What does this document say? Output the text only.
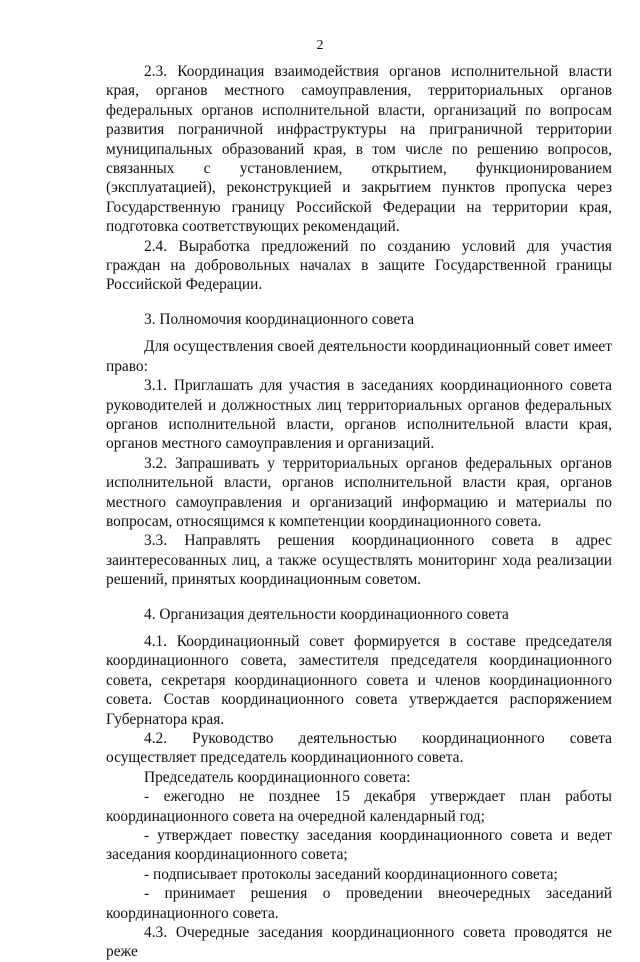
2

2.3. Координация взаимодействия органов исполнительной власти края, органов местного самоуправления, территориальных органов федеральных органов исполнительной власти, организаций по вопросам развития пограничной инфраструктуры на приграничной территории муниципальных образований края, в том числе по решению вопросов, связанных с установлением, открытием, функционированием (эксплуатацией), реконструкцией и закрытием пунктов пропуска через Государственную границу Российской Федерации на территории края, подготовка соответствующих рекомендаций.

2.4. Выработка предложений по созданию условий для участия граждан на добровольных началах в защите Государственной границы Российской Федерации.

3. Полномочия координационного совета

Для осуществления своей деятельности координационный совет имеет право:

3.1. Приглашать для участия в заседаниях координационного совета руководителей и должностных лиц территориальных органов федеральных органов исполнительной власти, органов исполнительной власти края, органов местного самоуправления и организаций.

3.2. Запрашивать у территориальных органов федеральных органов исполнительной власти, органов исполнительной власти края, органов местного самоуправления и организаций информацию и материалы по вопросам, относящимся к компетенции координационного совета.

3.3. Направлять решения координационного совета в адрес заинтересованных лиц, а также осуществлять мониторинг хода реализации решений, принятых координационным советом.

4. Организация деятельности координационного совета

4.1. Координационный совет формируется в составе председателя координационного совета, заместителя председателя координационного совета, секретаря координационного совета и членов координационного совета. Состав координационного совета утверждается распоряжением Губернатора края.

4.2. Руководство деятельностью координационного совета осуществляет председатель координационного совета.

Председатель координационного совета:

- ежегодно не позднее 15 декабря утверждает план работы координационного совета на очередной календарный год;

- утверждает повестку заседания координационного совета и ведет заседания координационного совета;

- подписывает протоколы заседаний координационного совета;

- принимает решения о проведении внеочередных заседаний координационного совета.

4.3. Очередные заседания координационного совета проводятся не реже
